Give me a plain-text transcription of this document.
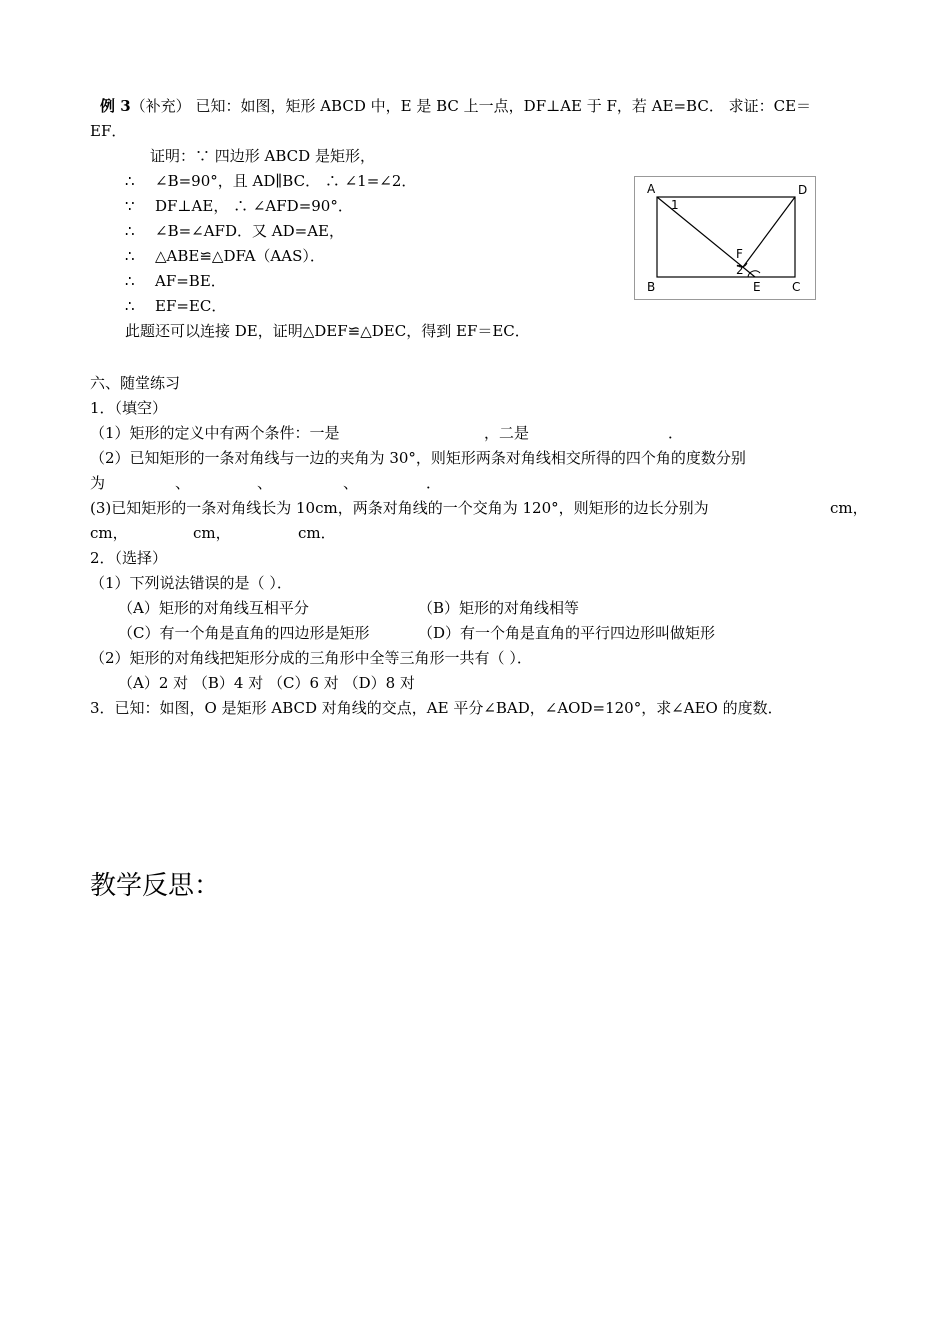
例 3（补充） 已知：如图，矩形 ABCD 中，E 是 BC 上一点，DF⊥AE 于 F，若 AE=BC． 求证：CE＝
EF．
证明：∵ 四边形 ABCD 是矩形，
∴ ∠B=90°，且 AD∥BC． ∴ ∠1=∠2．
∵ DF⊥AE， ∴ ∠AFD=90°．
∴ ∠B=∠AFD．又 AD=AE，
∴ △ABE≌△DFA（AAS）．
∴ AF=BE．
∴ EF=EC．
此题还可以连接 DE，证明△DEF≌△DEC，得到 EF＝EC．
A	D
B	C
E
F
1
2
六、随堂练习
1．（填空）
（1）矩形的定义中有两个条件：一是	，二是	．
（2）已知矩形的一条对角线与一边的夹角为 30°，则矩形两条对角线相交所得的四个角的度数分别
为	、	、	、	．
(3)已知矩形的一条对角线长为 10cm，两条对角线的一个交角为 120°，则矩形的边长分别为	cm，
cm，	cm，	cm．
2．（选择）
（1）下列说法错误的是（ ）．
（A）矩形的对角线互相平分	（B）矩形的对角线相等
（C）有一个角是直角的四边形是矩形	（D）有一个角是直角的平行四边形叫做矩形
（2）矩形的对角线把矩形分成的三角形中全等三角形一共有（ ）．
（A）2 对 （B）4 对 （C）6 对 （D）8 对
3．已知：如图，O 是矩形 ABCD 对角线的交点，AE 平分∠BAD，∠AOD=120°，求∠AEO 的度数．
教学反思：
